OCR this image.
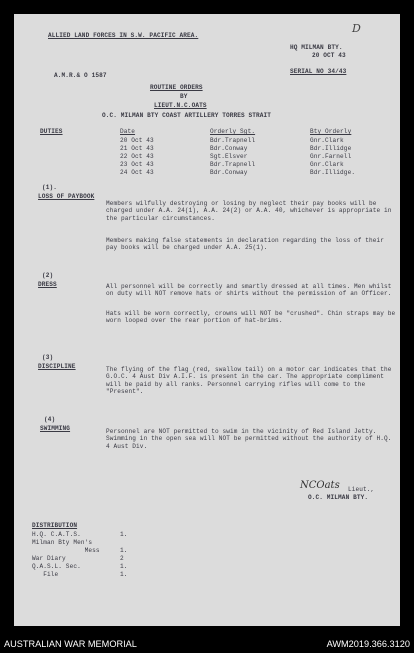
D
ALLIED LAND FORCES IN S.W. PACIFIC AREA.
HQ MILMAN BTY.
20 OCT 43
A.M.R.& O 1587
SERIAL NO 34/43
ROUTINE ORDERS
BY
LIEUT.N.C.OATS
O.C. MILMAN BTY COAST ARTILLERY TORRES STRAIT
DUTIES	Date	Orderly Sgt.	Bty Orderly
20 Oct 43	Bdr.Trapnell	Gnr.Clark
21 Oct 43	Bdr.Conway	Bdr.Illidge
22 Oct 43	Sgt.Elsver	Gnr.Farnell
23 Oct 43	Bdr.Trapnell	Gnr.Clark
24 Oct 43	Bdr.Conway	Bdr.Illidge.
(1).
LOSS OF PAYBOOK
Members wilfully destroying or losing by neglect their pay books will be charged under A.A. 24(1), A.A. 24(2) or A.A. 40, whichever is appropriate in the particular circumstances.
Members making false statements in declaration regarding the loss of their pay books will be charged under A.A. 25(1).
(2)
DRESS	All personnel will be correctly and smartly dressed at all times. Men whilst on duty will NOT remove hats or shirts without the permission of an Officer.
Hats will be worn correctly, crowns will NOT be "crushed". Chin straps may be worn looped over the rear portion of hat-brims.
(3)
DISCIPLINE	The flying of the flag (red, swallow tail) on a motor car indicates that the G.O.C. 4 Aust Div A.I.F. is present in the car. The appropriate compliment will be paid by all ranks. Personnel carrying rifles will come to the "Present".
(4)
SWIMMING	Personnel are NOT permitted to swim in the vicinity of Red Island Jetty. Swimming in the open sea will NOT be permitted without the authority of H.Q. 4 Aust Div.
NCOats Lieut.,
O.C. MILMAN BTY.
DISTRIBUTION
H.Q. C.A.T.S.	1.
Milman Bty Men's
Mess	1.
War Diary	2
Q.A.S.L. Sec.	1.
File	1.
AUSTRALIAN WAR MEMORIAL	AWM2019.366.3120
